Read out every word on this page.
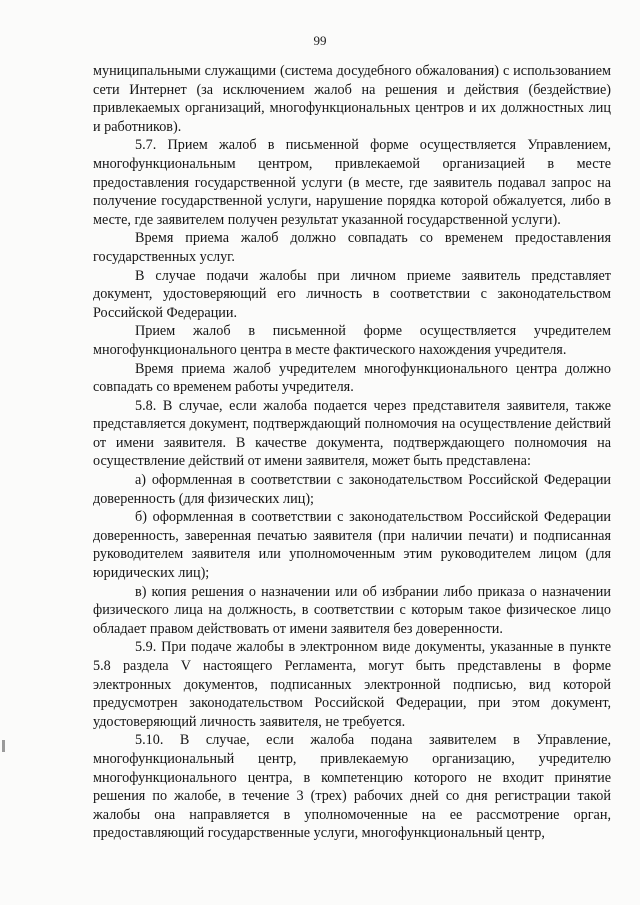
99

муниципальными служащими (система досудебного обжалования) с использованием сети Интернет (за исключением жалоб на решения и действия (бездействие) привлекаемых организаций, многофункциональных центров и их должностных лиц и работников).

5.7. Прием жалоб в письменной форме осуществляется Управлением, многофункциональным центром, привлекаемой организацией в месте предоставления государственной услуги (в месте, где заявитель подавал запрос на получение государственной услуги, нарушение порядка которой обжалуется, либо в месте, где заявителем получен результат указанной государственной услуги).

Время приема жалоб должно совпадать со временем предоставления государственных услуг.

В случае подачи жалобы при личном приеме заявитель представляет документ, удостоверяющий его личность в соответствии с законодательством Российской Федерации.

Прием жалоб в письменной форме осуществляется учредителем многофункционального центра в месте фактического нахождения учредителя.

Время приема жалоб учредителем многофункционального центра должно совпадать со временем работы учредителя.

5.8. В случае, если жалоба подается через представителя заявителя, также представляется документ, подтверждающий полномочия на осуществление действий от имени заявителя. В качестве документа, подтверждающего полномочия на осуществление действий от имени заявителя, может быть представлена:

а) оформленная в соответствии с законодательством Российской Федерации доверенность (для физических лиц);

б) оформленная в соответствии с законодательством Российской Федерации доверенность, заверенная печатью заявителя (при наличии печати) и подписанная руководителем заявителя или уполномоченным этим руководителем лицом (для юридических лиц);

в) копия решения о назначении или об избрании либо приказа о назначении физического лица на должность, в соответствии с которым такое физическое лицо обладает правом действовать от имени заявителя без доверенности.

5.9. При подаче жалобы в электронном виде документы, указанные в пункте 5.8 раздела V настоящего Регламента, могут быть представлены в форме электронных документов, подписанных электронной подписью, вид которой предусмотрен законодательством Российской Федерации, при этом документ, удостоверяющий личность заявителя, не требуется.

5.10. В случае, если жалоба подана заявителем в Управление, многофункциональный центр, привлекаемую организацию, учредителю многофункционального центра, в компетенцию которого не входит принятие решения по жалобе, в течение 3 (трех) рабочих дней со дня регистрации такой жалобы она направляется в уполномоченные на ее рассмотрение орган, предоставляющий государственные услуги, многофункциональный центр,
